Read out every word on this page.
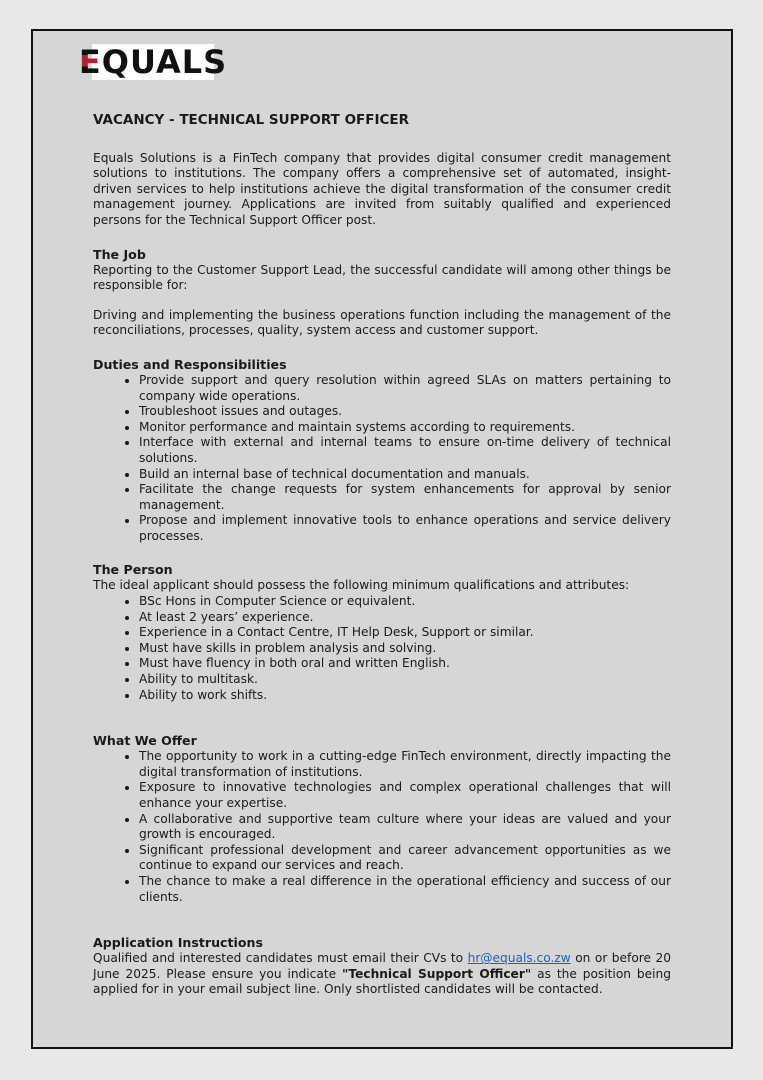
E QUALS
VACANCY - TECHNICAL SUPPORT OFFICER

Equals Solutions is a FinTech company that provides digital consumer credit management solutions to institutions. The company offers a comprehensive set of automated, insight-driven services to help institutions achieve the digital transformation of the consumer credit management journey. Applications are invited from suitably qualified and experienced persons for the Technical Support Officer post.

The Job

Reporting to the Customer Support Lead, the successful candidate will among other things be responsible for:

Driving and implementing the business operations function including the management of the reconciliations, processes, quality, system access and customer support.

Duties and Responsibilities
• Provide support and query resolution within agreed SLAs on matters pertaining to company wide operations.
• Troubleshoot issues and outages.
• Monitor performance and maintain systems according to requirements.
• Interface with external and internal teams to ensure on-time delivery of technical solutions.
• Build an internal base of technical documentation and manuals.
• Facilitate the change requests for system enhancements for approval by senior management.
• Propose and implement innovative tools to enhance operations and service delivery processes.
The Person

The ideal applicant should possess the following minimum qualifications and attributes:

• BSc Hons in Computer Science or equivalent.
• At least 2 years’ experience.
• Experience in a Contact Centre, IT Help Desk, Support or similar.
• Must have skills in problem analysis and solving.
• Must have fluency in both oral and written English.
• Ability to multitask.
• Ability to work shifts.
What We Offer
• The opportunity to work in a cutting-edge FinTech environment, directly impacting the digital transformation of institutions.
• Exposure to innovative technologies and complex operational challenges that will enhance your expertise.
• A collaborative and supportive team culture where your ideas are valued and your growth is encouraged.
• Significant professional development and career advancement opportunities as we continue to expand our services and reach.
• The chance to make a real difference in the operational efficiency and success of our clients.
Application Instructions

Qualified and interested candidates must email their CVs to hr@equals.co.zw on or before 20 June 2025. Please ensure you indicate "Technical Support Officer" as the position being applied for in your email subject line. Only shortlisted candidates will be contacted.
